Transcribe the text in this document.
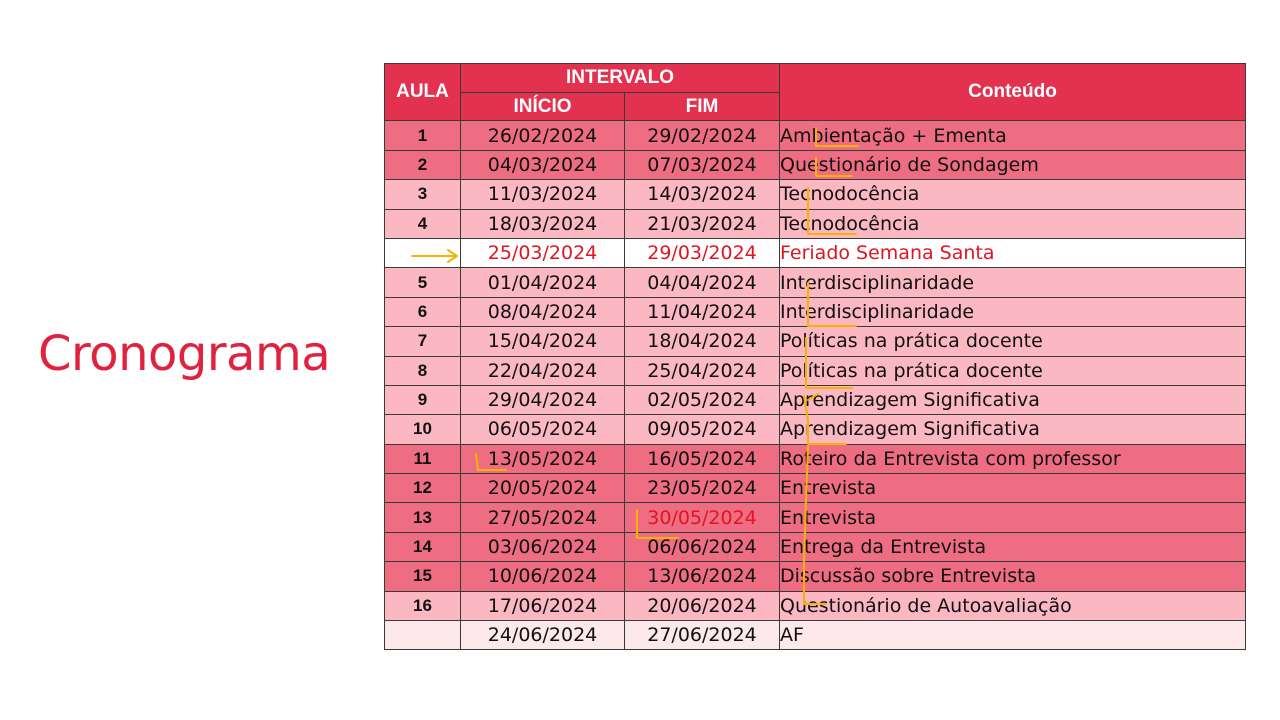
Cronograma
AULA	INTERVALO		Conteúdo
	INÍCIO	FIM	
1	26/02/2024	29/02/2024	Ambientação + Ementa
2	04/03/2024	07/03/2024	Questionário de Sondagem
3	11/03/2024	14/03/2024	Tecnodocência
4	18/03/2024	21/03/2024	Tecnodocência
	25/03/2024	29/03/2024	Feriado Semana Santa
5	01/04/2024	04/04/2024	Interdisciplinaridade
6	08/04/2024	11/04/2024	Interdisciplinaridade
7	15/04/2024	18/04/2024	Políticas na prática docente
8	22/04/2024	25/04/2024	Políticas na prática docente
9	29/04/2024	02/05/2024	Aprendizagem Significativa
10	06/05/2024	09/05/2024	Aprendizagem Significativa
11	13/05/2024	16/05/2024	Roteiro da Entrevista com professor
12	20/05/2024	23/05/2024	Entrevista
13	27/05/2024	30/05/2024	Entrevista
14	03/06/2024	06/06/2024	Entrega da Entrevista
15	10/06/2024	13/06/2024	Discussão sobre Entrevista
16	17/06/2024	20/06/2024	Questionário de Autoavaliação
	24/06/2024	27/06/2024	AF
